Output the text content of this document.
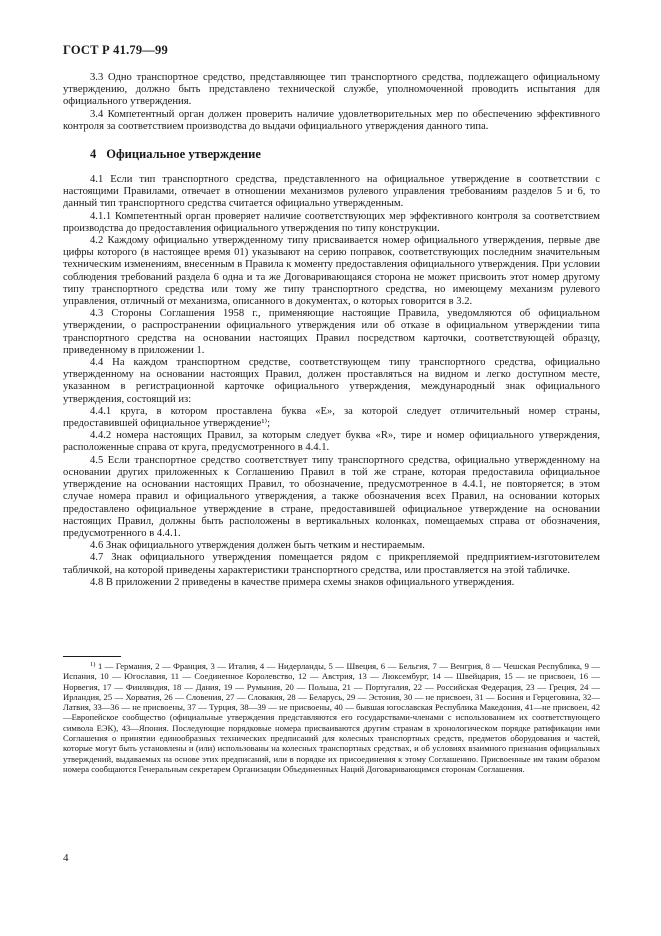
ГОСТ Р 41.79—99

3.3 Одно транспортное средство, представляющее тип транспортного средства, подлежащего официальному утверждению, должно быть представлено технической службе, уполномоченной проводить испытания для официального утверждения.

3.4 Компетентный орган должен проверить наличие удовлетворительных мер по обеспечению эффективного контроля за соответствием производства до выдачи официального утверждения данного типа.

4 Официальное утверждение

4.1 Если тип транспортного средства, представленного на официальное утверждение в соответствии с настоящими Правилами, отвечает в отношении механизмов рулевого управления требованиям разделов 5 и 6, то данный тип транспортного средства считается официально утвержденным.

4.1.1 Компетентный орган проверяет наличие соответствующих мер эффективного контроля за соответствием производства до предоставления официального утверждения по типу конструкции.

4.2 Каждому официально утвержденному типу присваивается номер официального утверждения, первые две цифры которого (в настоящее время 01) указывают на серию поправок, соответствующих последним значительным техническим изменениям, внесенным в Правила к моменту предоставления официального утверждения. При условии соблюдения требований раздела 6 одна и та же Договаривающаяся сторона не может присвоить этот номер другому типу транспортного средства или тому же типу транспортного средства, но имеющему механизм рулевого управления, отличный от механизма, описанного в документах, о которых говорится в 3.2.

4.3 Стороны Соглашения 1958 г., применяющие настоящие Правила, уведомляются об официальном утверждении, о распространении официального утверждения или об отказе в официальном утверждении типа транспортного средства на основании настоящих Правил посредством карточки, соответствующей образцу, приведенному в приложении 1.

4.4 На каждом транспортном средстве, соответствующем типу транспортного средства, официально утвержденному на основании настоящих Правил, должен проставляться на видном и легко доступном месте, указанном в регистрационной карточке официального утверждения, международный знак официального утверждения, состоящий из:

4.4.1 круга, в котором проставлена буква «Е», за которой следует отличительный номер страны, предоставившей официальное утверждение¹⁾;

4.4.2 номера настоящих Правил, за которым следует буква «R», тире и номер официального утверждения, расположенные справа от круга, предусмотренного в 4.4.1.

4.5 Если транспортное средство соответствует типу транспортного средства, официально утвержденному на основании других приложенных к Соглашению Правил в той же стране, которая предоставила официальное утверждение на основании настоящих Правил, то обозначение, предусмотренное в 4.4.1, не повторяется; в этом случае номера правил и официального утверждения, а также обозначения всех Правил, на основании которых предоставлено официальное утверждение в стране, предоставившей официальное утверждение на основании настоящих Правил, должны быть расположены в вертикальных колонках, помещаемых справа от обозначения, предусмотренного в 4.4.1.

4.6 Знак официального утверждения должен быть четким и нестираемым.

4.7 Знак официального утверждения помещается рядом с прикрепляемой предприятием-изготовителем табличкой, на которой приведены характеристики транспортного средства, или проставляется на этой табличке.

4.8 В приложении 2 приведены в качестве примера схемы знаков официального утверждения.

$^{1)}$ 1 — Германия, 2 — Франция, 3 — Италия, 4 — Нидерланды, 5 — Швеция, 6 — Бельгия, 7 — Венгрия, 8 — Чешская Республика, 9 — Испания, 10 — Югославия, 11 — Соединенное Королевство, 12 — Австрия, 13 — Люксембург, 14 — Швейцария, 15 — не присвоен, 16 — Норвегия, 17 — Финляндия, 18 — Дания, 19 — Румыния, 20 — Польша, 21 — Португалия, 22 — Российская Федерация, 23 — Греция, 24 — Ирландия, 25 — Хорватия, 26 — Словения, 27 — Словакия, 28 — Беларусь, 29 — Эстония, 30 — не присвоен, 31 — Босния и Герцеговина, 32—Латвия, 33—36 — не присвоены, 37 — Турция, 38—39 — не присвоены, 40 — бывшая югославская Республика Македония, 41—не присвоен, 42—Европейское сообщество (официальные утверждения представляются его государствами-членами с использованием их соответствующего символа ЕЭК), 43—Япония. Последующие порядковые номера присваиваются другим странам в хронологическом порядке ратификации ими Соглашения о принятии единообразных технических предписаний для колесных транспортных средств, предметов оборудования и частей, которые могут быть установлены и (или) использованы на колесных транспортных средствах, и об условиях взаимного признания официальных утверждений, выдаваемых на основе этих предписаний, или в порядке их присоединения к этому Соглашению. Присвоенные им таким образом номера сообщаются Генеральным секретарем Организации Объединенных Наций Договаривающимся сторонам Соглашения.
4
